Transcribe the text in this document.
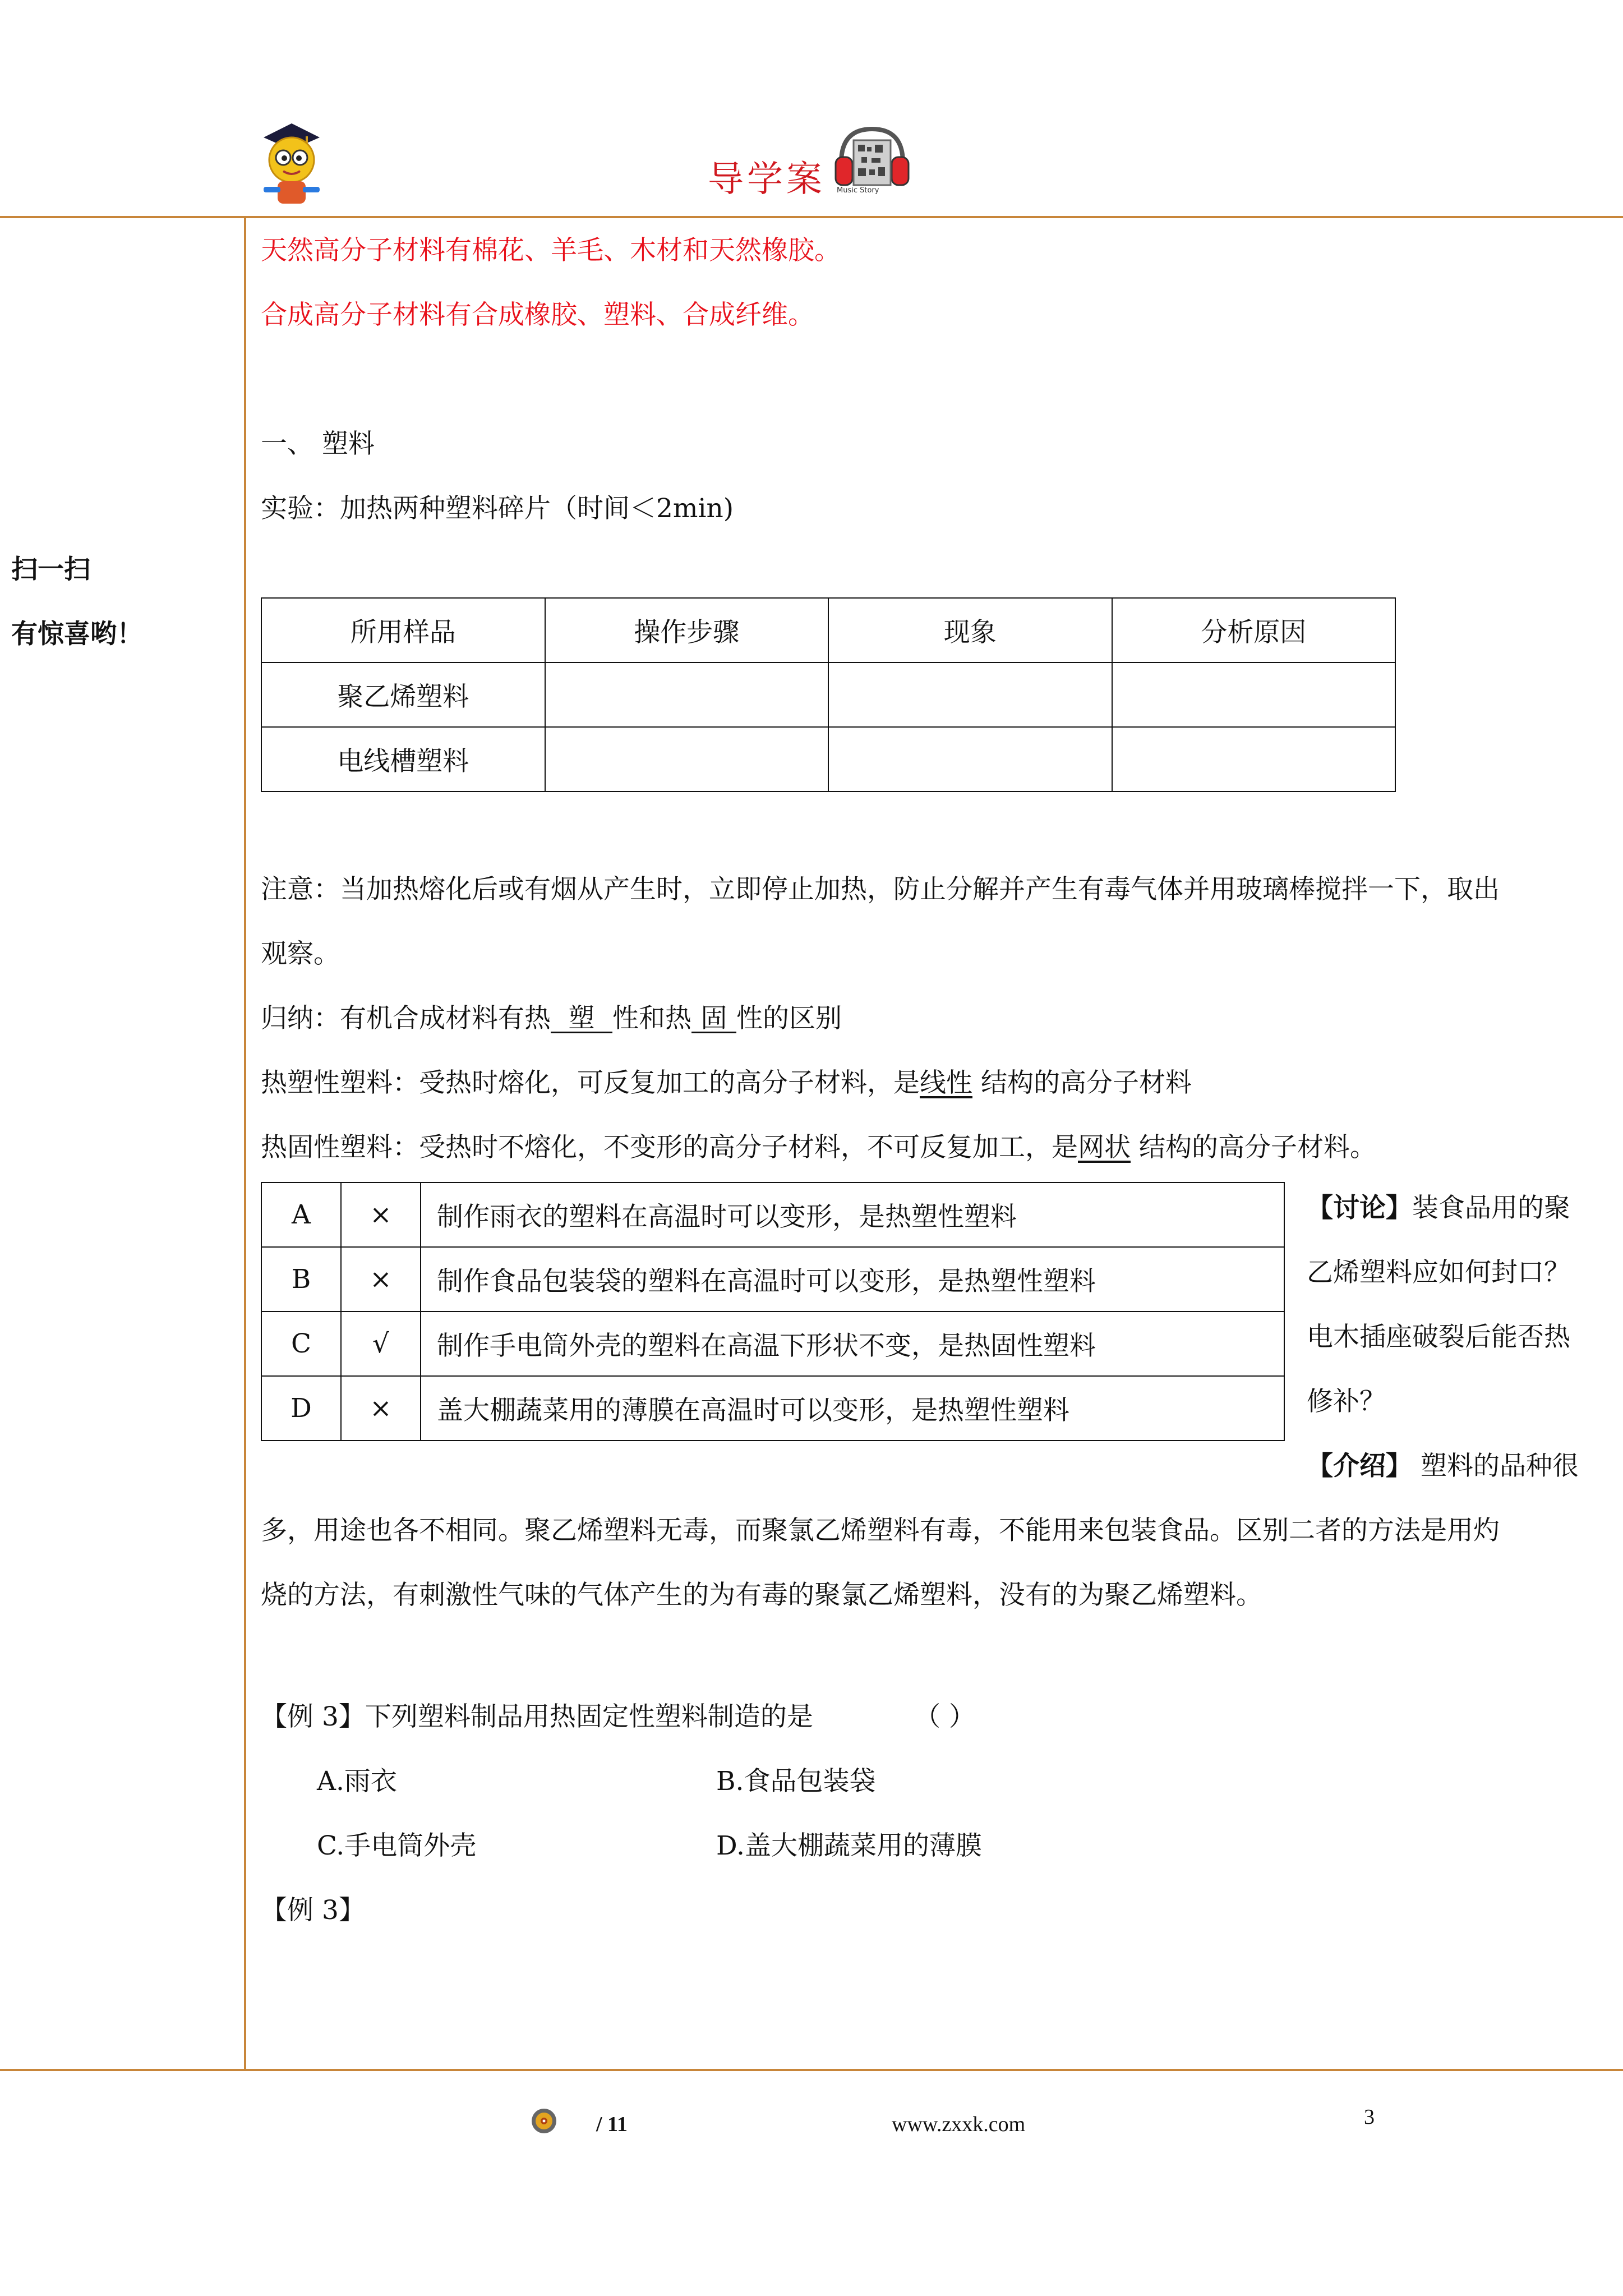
导学案 Music Story
扫一扫
有惊喜哟！
天然高分子材料有棉花、羊毛、木材和天然橡胶。
合成高分子材料有合成橡胶、塑料、合成纤维。
一、 塑料
实验：加热两种塑料碎片（时间＜2min)
所用样品	操作步骤	现象	分析原因
聚乙烯塑料			
电线槽塑料			
注意：当加热熔化后或有烟从产生时，立即停止加热，防止分解并产生有毒气体并用玻璃棒搅拌一下，取出
观察。
归纳：有机合成材料有热 塑 性和热 固 性的区别
热塑性塑料：受热时熔化，可反复加工的高分子材料，是线性 结构的高分子材料
热固性塑料：受热时不熔化，不变形的高分子材料，不可反复加工，是网状 结构的高分子材料。
A	×	制作雨衣的塑料在高温时可以变形，是热塑性塑料
B	×	制作食品包装袋的塑料在高温时可以变形，是热塑性塑料
C	√	制作手电筒外壳的塑料在高温下形状不变，是热固性塑料
D	×	盖大棚蔬菜用的薄膜在高温时可以变形，是热塑性塑料
【讨论】装食品用的聚
乙烯塑料应如何封口？
电木插座破裂后能否热
修补？
【介绍】 塑料的品种很
多，用途也各不相同。聚乙烯塑料无毒，而聚氯乙烯塑料有毒，不能用来包装食品。区别二者的方法是用灼
烧的方法，有刺激性气味的气体产生的为有毒的聚氯乙烯塑料，没有的为聚乙烯塑料。
【例 3】下列塑料制品用热固定性塑料制造的是	（ ）
A.雨衣	B.食品包装袋
C.手电筒外壳	D.盖大棚蔬菜用的薄膜
【例 3】
/ 11	www.zxxk.com	3
